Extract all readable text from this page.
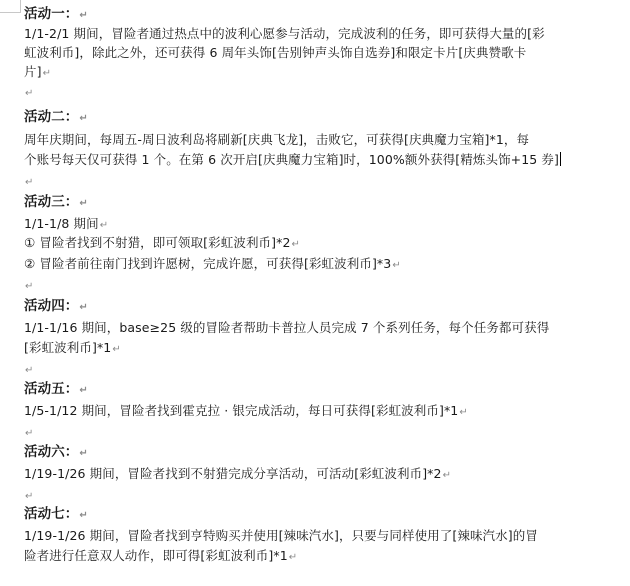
活动一：↵
1/1-2/1 期间，冒险者通过热点中的波利心愿参与活动，完成波利的任务，即可获得大量的[彩
虹波利币]，除此之外，还可获得 6 周年头饰[告别钟声头饰自选券]和限定卡片[庆典赞歌卡
片]↵
↵
活动二：↵
周年庆期间，每周五-周日波利岛将刷新[庆典飞龙]，击败它，可获得[庆典魔力宝箱]*1，每
个账号每天仅可获得 1 个。在第 6 次开启[庆典魔力宝箱]时，100%额外获得[精炼头饰+15 券]
↵
活动三：↵
1/1-1/8 期间↵
① 冒险者找到不射猎，即可领取[彩虹波利币]*2↵
② 冒险者前往南门找到许愿树，完成许愿，可获得[彩虹波利币]*3↵
↵
活动四：↵
1/1-1/16 期间，base≥25 级的冒险者帮助卡普拉人员完成 7 个系列任务，每个任务都可获得
[彩虹波利币]*1↵
↵
活动五：↵
1/5-1/12 期间，冒险者找到霍克拉 · 银完成活动，每日可获得[彩虹波利币]*1↵
↵
活动六：↵
1/19-1/26 期间，冒险者找到不射猎完成分享活动，可活动[彩虹波利币]*2↵
↵
活动七：↵
1/19-1/26 期间，冒险者找到亨特购买并使用[辣味汽水]，只要与同样使用了[辣味汽水]的冒
险者进行任意双人动作，即可得[彩虹波利币]*1↵
